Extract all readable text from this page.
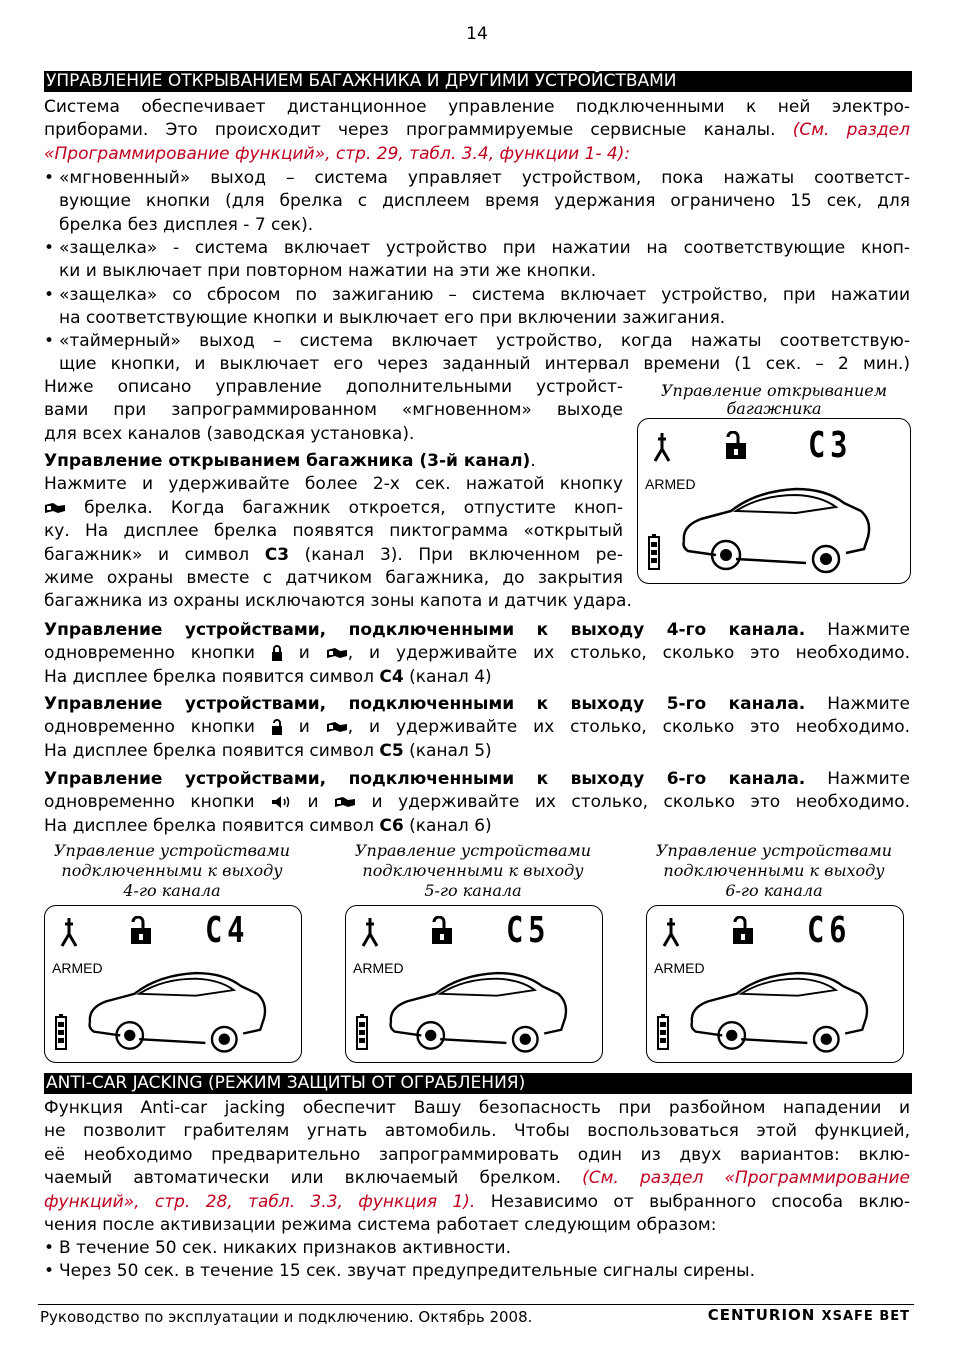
14
УПРАВЛЕНИЕ ОТКРЫВАНИЕМ БАГАЖНИКА И ДРУГИМИ УСТРОЙСТВАМИ
Система обеспечивает дистанционное управление подключенными к ней электро-
приборами. Это происходит через программируемые сервисные каналы. (См. раздел
«Программирование функций», стр. 29, табл. 3.4, функции 1- 4):
• «мгновенный» выход – система управляет устройством, пока нажаты соответст-
вующие кнопки (для брелка с дисплеем время удержания ограничено 15 сек, для
брелка без дисплея - 7 сек).
• «защелка» - система включает устройство при нажатии на соответствующие кноп-
ки и выключает при повторном нажатии на эти же кнопки.
• «защелка» со сбросом по зажиганию – система включает устройство, при нажатии
на соответствующие кнопки и выключает его при включении зажигания.
• «таймерный» выход – система включает устройство, когда нажаты соответствую-
щие кнопки, и выключает его через заданный интервал времени (1 сек. – 2 мин.)
Ниже описано управление дополнительными устройст-
вами при запрограммированном «мгновенном» выходе
для всех каналов (заводская установка).
Управление открыванием багажника (3-й канал).
Нажмите и удерживайте более 2-х сек. нажатой кнопку
брелка. Когда багажник откроется, отпустите кноп-
ку. На дисплее брелка появятся пиктограмма «открытый
багажник» и символ C3 (канал 3). При включенном ре-
жиме охраны вместе с датчиком багажника, до закрытия
багажника из охраны исключаются зоны капота и датчик удара.
Управление открыванием
багажника
C3
ARMED
Управление устройствами, подключенными к выходу 4-го канала. Нажмите
одновременно кнопки	и , и удерживайте их столько, сколько это необходимо.
На дисплее брелка появится символ C4 (канал 4)
Управление устройствами, подключенными к выходу 5-го канала. Нажмите
одновременно кнопки	и , и удерживайте их столько, сколько это необходимо.
На дисплее брелка появится символ C5 (канал 5)
Управление устройствами, подключенными к выходу 6-го канала. Нажмите
одновременно кнопки	и	и удерживайте их столько, сколько это необходимо.
На дисплее брелка появится символ C6 (канал 6)
Управление устройствами
подключенными к выходу
4-го канала
Управление устройствами
подключенными к выходу
5-го канала
Управление устройствами
подключенными к выходу
6-го канала
C4
ARMED
C5
ARMED
C6
ARMED
ANTI-CAR JACKING (РЕЖИМ ЗАЩИТЫ ОТ ОГРАБЛЕНИЯ)
Функция Anti-car jacking обеспечит Вашу безопасность при разбойном нападении и
не позволит грабителям угнать автомобиль. Чтобы воспользоваться этой функцией,
её необходимо предварительно запрограммировать один из двух вариантов: вклю-
чаемый автоматически или включаемый брелком. (См. раздел «Программирование
функций», стр. 28, табл. 3.3, функция 1). Независимо от выбранного способа вклю-
чения после активизации режима система работает следующим образом:
• В течение 50 сек. никаких признаков активности.
• Через 50 сек. в течение 15 сек. звучат предупредительные сигналы сирены.
Руководство по эксплуатации и подключению. Октябрь 2008.	CENTURION XSAFE BET
